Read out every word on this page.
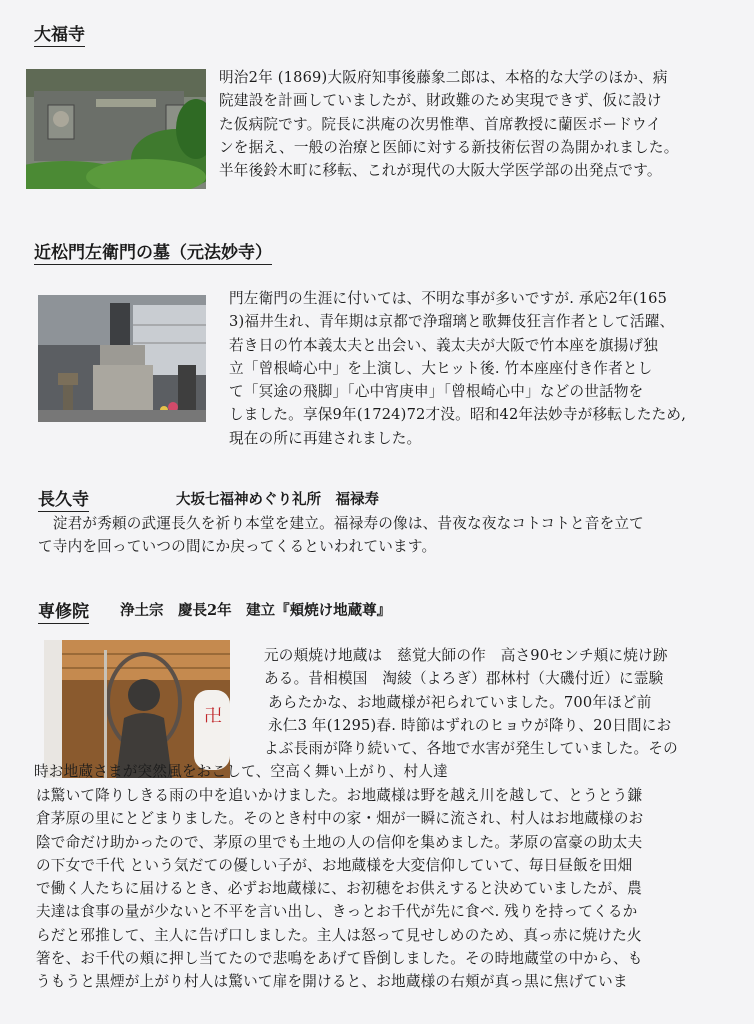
大福寺
明治2年 (1869)大阪府知事後藤象二郎は、本格的な大学のほか、病
院建設を計画していましたが、財政難のため実現できず、仮に設け
た仮病院です。院長に洪庵の次男惟準、首席教授に蘭医ボードウイ
ンを据え、一般の治療と医師に対する新技術伝習の為開かれました。
半年後鈴木町に移転、これが現代の大阪大学医学部の出発点です。
近松門左衛門の墓（元法妙寺）
門左衛門の生涯に付いては、不明な事が多いですが. 承応2年(165
3)福井生れ、青年期は京都で浄瑠璃と歌舞伎狂言作者として活躍、
若き日の竹本義太夫と出会い、義太夫が大阪で竹本座を旗揚げ独
立「曾根崎心中」を上演し、大ヒット後. 竹本座座付き作者とし
て「冥途の飛脚」「心中宵庚申」「曾根崎心中」などの世話物を
しました。享保9年(1724)72才没。昭和42年法妙寺が移転したため,
現在の所に再建されました。
長久寺	大坂七福神めぐり礼所　福禄寿
　淀君が秀頼の武運長久を祈り本堂を建立。福禄寿の像は、昔夜な夜なコトコトと音を立て
て寺内を回っていつの間にか戻ってくるといわれています。
専修院 浄土宗　慶長2年　建立『頬焼け地蔵尊』
卍
元の頬焼け地蔵は　慈覚大師の作　高さ90センチ頬に焼け跡
ある。昔相模国　淘綾（よろぎ）郡林村（大磯付近）に霊験
あらたかな、お地蔵様が祀られていました。700年ほど前
永仁3 年(1295)春. 時節はずれのヒョウが降り、20日間にお
よぶ長雨が降り続いて、各地で水害が発生していました。その
時お地蔵さまが突然風をおこして、空高く舞い上がり、村人達
は驚いて降りしきる雨の中を追いかけました。お地蔵様は野を越え川を越して、とうとう鎌
倉茅原の里にとどまりました。そのとき村中の家・畑が一瞬に流され、村人はお地蔵様のお
陰で命だけ助かったので、茅原の里でも土地の人の信仰を集めました。茅原の富豪の助太夫
の下女で千代 という気だての優しい子が、お地蔵様を大変信仰していて、毎日昼飯を田畑
で働く人たちに届けるとき、必ずお地蔵様に、お初穂をお供えすると決めていましたが、農
夫達は食事の量が少ないと不平を言い出し、きっとお千代が先に食べ. 残りを持ってくるか
らだと邪推して、主人に告げ口しました。主人は怒って見せしめのため、真っ赤に焼けた火
箸を、お千代の頬に押し当てたので悲鳴をあげて昏倒しました。その時地蔵堂の中から、も
うもうと黒煙が上がり村人は驚いて扉を開けると、お地蔵様の右頬が真っ黒に焦げていま
